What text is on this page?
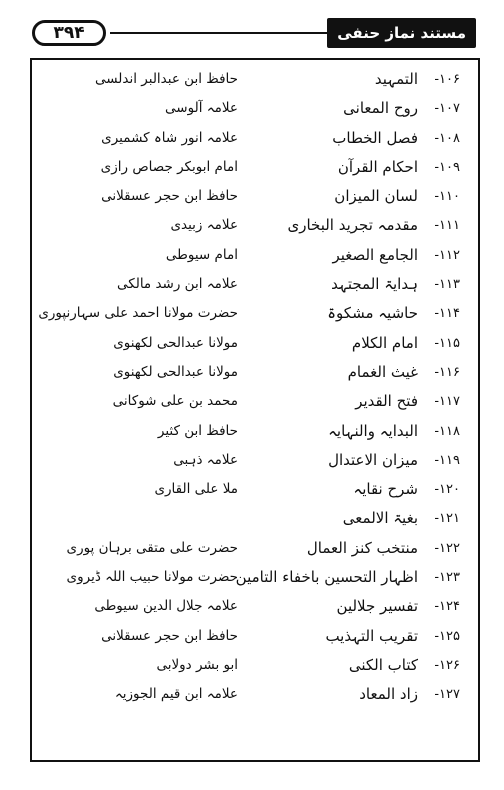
۳۹۴	مستند نماز حنفی
۱۰۶-
التمہید
حافظ ابن عبدالبر اندلسی
۱۰۷-
روح المعانی
علامہ آلوسی
۱۰۸-
فصل الخطاب
علامہ انور شاہ کشمیری
۱۰۹-
احکام القرآن
امام ابوبکر جصاص رازی
۱۱۰-
لسان المیزان
حافظ ابن حجر عسقلانی
۱۱۱-
مقدمہ تجرید البخاری
علامہ زبیدی
۱۱۲-
الجامع الصغیر
امام سیوطی
۱۱۳-
ہدایۃ المجتہد
علامہ ابن رشد مالکی
۱۱۴-
حاشیہ مشکوۃ
حضرت مولانا احمد علی سہارنپوری
۱۱۵-
امام الکلام
مولانا عبدالحی لکھنوی
۱۱۶-
غیث الغمام
مولانا عبدالحی لکھنوی
۱۱۷-
فتح القدیر
محمد بن علی شوکانی
۱۱۸-
البدایہ والنہایہ
حافظ ابن کثیر
۱۱۹-
میزان الاعتدال
علامہ ذہبی
۱۲۰-
شرح نقایہ
ملا علی القاری
۱۲۱-
بغیۃ الالمعی
۱۲۲-
منتخب کنز العمال
حضرت علی متقی برہان پوری
۱۲۳-
اظہار التحسین باخفاء التامین
حضرت مولانا حبیب اللہ ڈیروی
۱۲۴-
تفسیر جلالین
علامہ جلال الدین سیوطی
۱۲۵-
تقریب التہذیب
حافظ ابن حجر عسقلانی
۱۲۶-
کتاب الکنی
ابو بشر دولابی
۱۲۷-
زاد المعاد
علامہ ابن قیم الجوزیہ
